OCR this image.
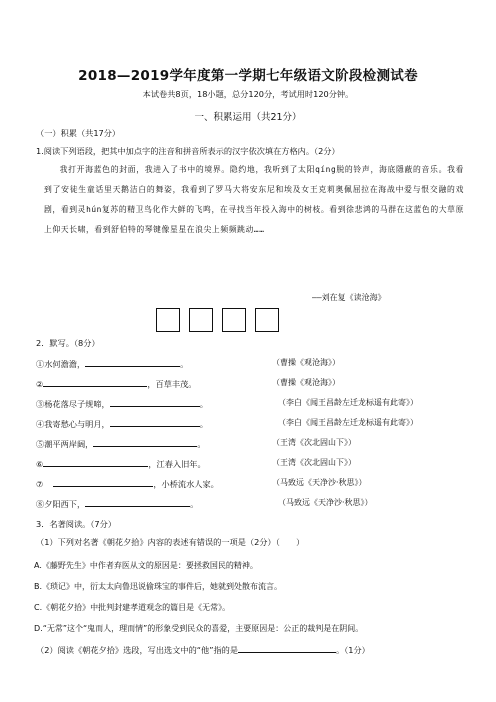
2018—2019学年度第一学期七年级语文阶段检测试卷
本试卷共8页，18小题，总分120分，考试用时120分钟。
一、积累运用（共21分）
（一）积累（共17分）
1.阅读下列语段，把其中加点字的注音和拼音所表示的汉字依次填在方格内。（2分）
我打开海蓝色的封面，我进入了书中的境界。隐约地，我听到了太阳qíng脱的铃声，海底隱蔽的音乐。我看到了安徒生童话里天鹅洁白的舞姿，我看到了罗马大将安东尼和埃及女王克莉奥佩屈拉在海战中爱与恨交融的戏剧，看到灵hún复苏的精卫鸟化作大鲜的飞鸣，在寻找当年投入海中的树枝。看到徐悲鸿的马群在这蓝色的大草原上仰天长啸，看到舒伯特的琴键像星星在浪尖上频频跳动……
——刘在复《读沧海》
2．默写。（8分）
①水何澹澹，	。	（曹操《观沧海》）
②	，百草丰茂。	（曹操《观沧海》）
③杨花落尽子规啼，	。	（李白《闻王昌龄左迁龙标遥有此寄》）
④我寄愁心与明月，	。	（李白《闻王昌龄左迁龙标遥有此寄》）
⑤潮平两岸阔，	。	（王湾《次北固山下》）
⑥	，江春入旧年。	（王湾《次北固山下》）
⑦	，小桥流水人家。	（马致远《天净沙·秋思》）
⑧夕阳西下，	。	（马致远《天净沙·秋思》）
3．名著阅读。（7分）
（1）下列对名著《朝花夕拾》内容的表述有错误的一项是（2分）（　　）
A.《藤野先生》中作者弃医从文的原因是：要拯救国民的精神。
B.《琐记》中，衍太太向鲁迅说偷珠宝的事件后，她就到处散布流言。
C.《朝花夕拾》中批判封建孝道观念的篇目是《无常》。
D.“无常”这个“鬼而人，理而情”的形象受到民众的喜爱，主要原因是：公正的裁判是在阴间。
（2）阅读《朝花夕拾》选段，写出选文中的“他”指的是	。（1分）
